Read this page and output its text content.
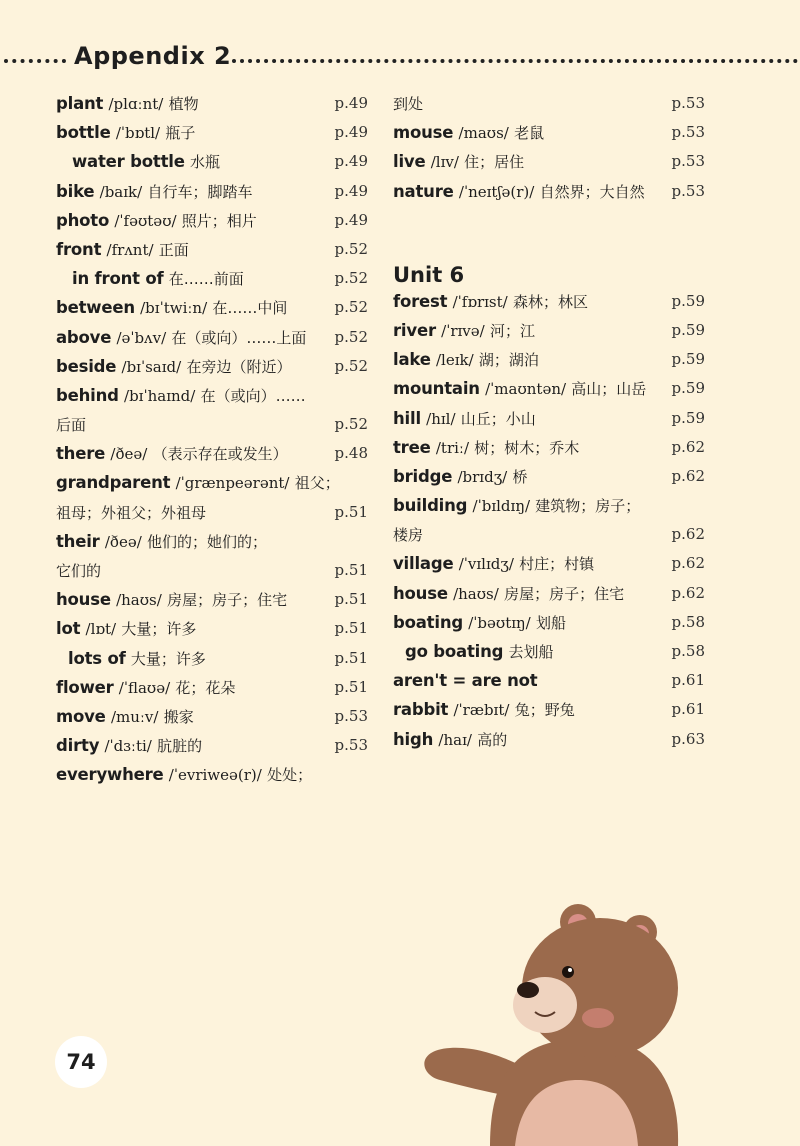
Appendix 2
plant /plɑːnt/ 植物	p.49
bottle /ˈbɒtl/ 瓶子	p.49
water bottle 水瓶	p.49
bike /baɪk/ 自行车；脚踏车	p.49
photo /ˈfəʊtəʊ/ 照片；相片	p.49
front /frʌnt/ 正面	p.52
in front of 在……前面	p.52
between /bɪˈtwiːn/ 在……中间	p.52
above /əˈbʌv/ 在（或向）……上面 p.52
beside /bɪˈsaɪd/ 在旁边（附近）	p.52
behind /bɪˈhaɪnd/ 在（或向）……
后面	p.52
there /ðeə/ （表示存在或发生）	p.48
grandparent /ˈgrænpeərənt/ 祖父；
祖母；外祖父；外祖母	p.51
their /ðeə/ 他们的；她们的；
它们的	p.51
house /haʊs/ 房屋；房子；住宅	p.51
lot /lɒt/ 大量；许多	p.51
lots of 大量；许多	p.51
flower /ˈflaʊə/ 花；花朵	p.51
move /muːv/ 搬家	p.53
dirty /ˈdɜːti/ 肮脏的	p.53
everywhere /ˈevriweə(r)/ 处处；
到处	p.53
mouse /maʊs/ 老鼠	p.53
live /lɪv/ 住；居住	p.53
nature /ˈneɪtʃə(r)/ 自然界；大自然 p.53
Unit 6
forest /ˈfɒrɪst/ 森林；林区	p.59
river /ˈrɪvə/ 河；江	p.59
lake /leɪk/ 湖；湖泊	p.59
mountain /ˈmaʊntən/ 高山；山岳 p.59
hill /hɪl/ 山丘；小山	p.59
tree /triː/ 树；树木；乔木	p.62
bridge /brɪdʒ/ 桥	p.62
building /ˈbɪldɪŋ/ 建筑物；房子；
楼房	p.62
village /ˈvɪlɪdʒ/ 村庄；村镇	p.62
house /haʊs/ 房屋；房子；住宅	p.62
boating /ˈbəʊtɪŋ/ 划船	p.58
go boating 去划船	p.58
aren't = are not	p.61
rabbit /ˈræbɪt/ 兔；野兔	p.61
high /haɪ/ 高的	p.63
74
